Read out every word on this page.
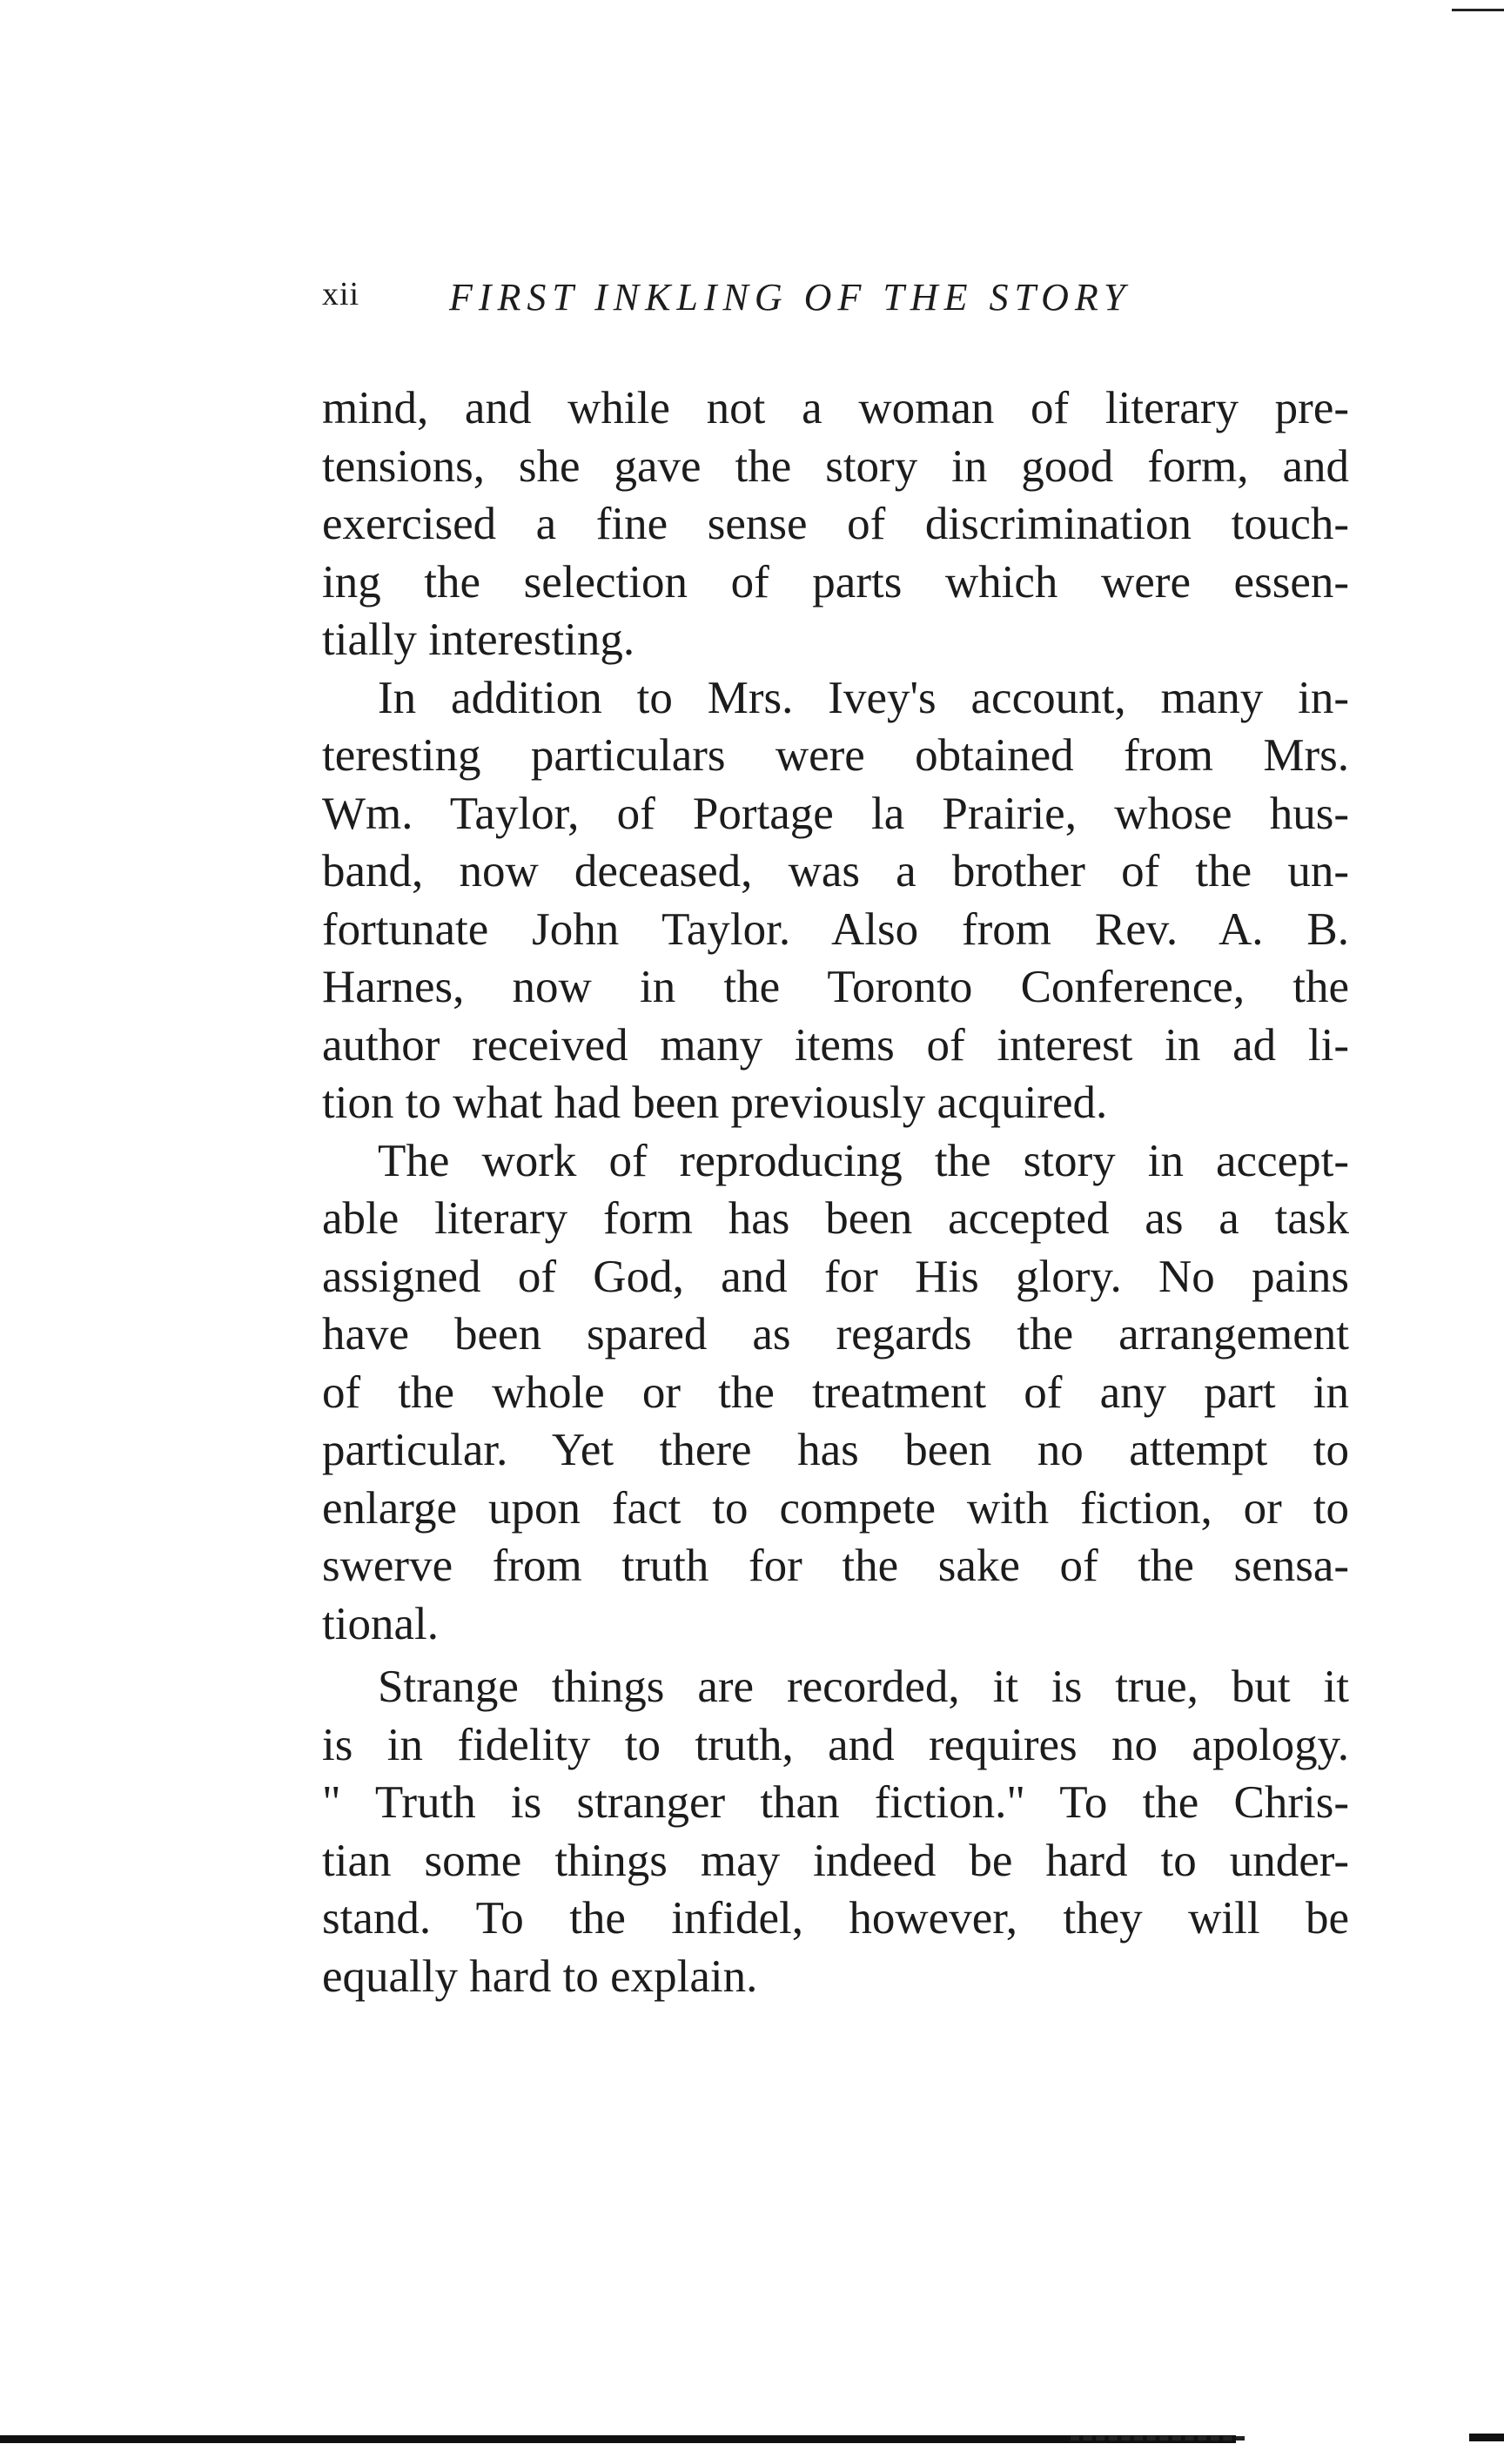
xii FIRST INKLING OF THE STORY
mind, and while not a woman of literary pre-
tensions, she gave the story in good form, and
exercised a fine sense of discrimination touch-
ing the selection of parts which were essen-
tially interesting.
In addition to Mrs. Ivey's account, many in-
teresting particulars were obtained from Mrs.
Wm. Taylor, of Portage la Prairie, whose hus-
band, now deceased, was a brother of the un-
fortunate John Taylor. Also from Rev. A. B.
Harnes, now in the Toronto Conference, the
author received many items of interest in ad li-
tion to what had been previously acquired.
The work of reproducing the story in accept-
able literary form has been accepted as a task
assigned of God, and for His glory. No pains
have been spared as regards the arrangement
of the whole or the treatment of any part in
particular. Yet there has been no attempt to
enlarge upon fact to compete with fiction, or to
swerve from truth for the sake of the sensa-
tional.
Strange things are recorded, it is true, but it
is in fidelity to truth, and requires no apology.
" Truth is stranger than fiction." To the Chris-
tian some things may indeed be hard to under-
stand. To the infidel, however, they will be
equally hard to explain.
